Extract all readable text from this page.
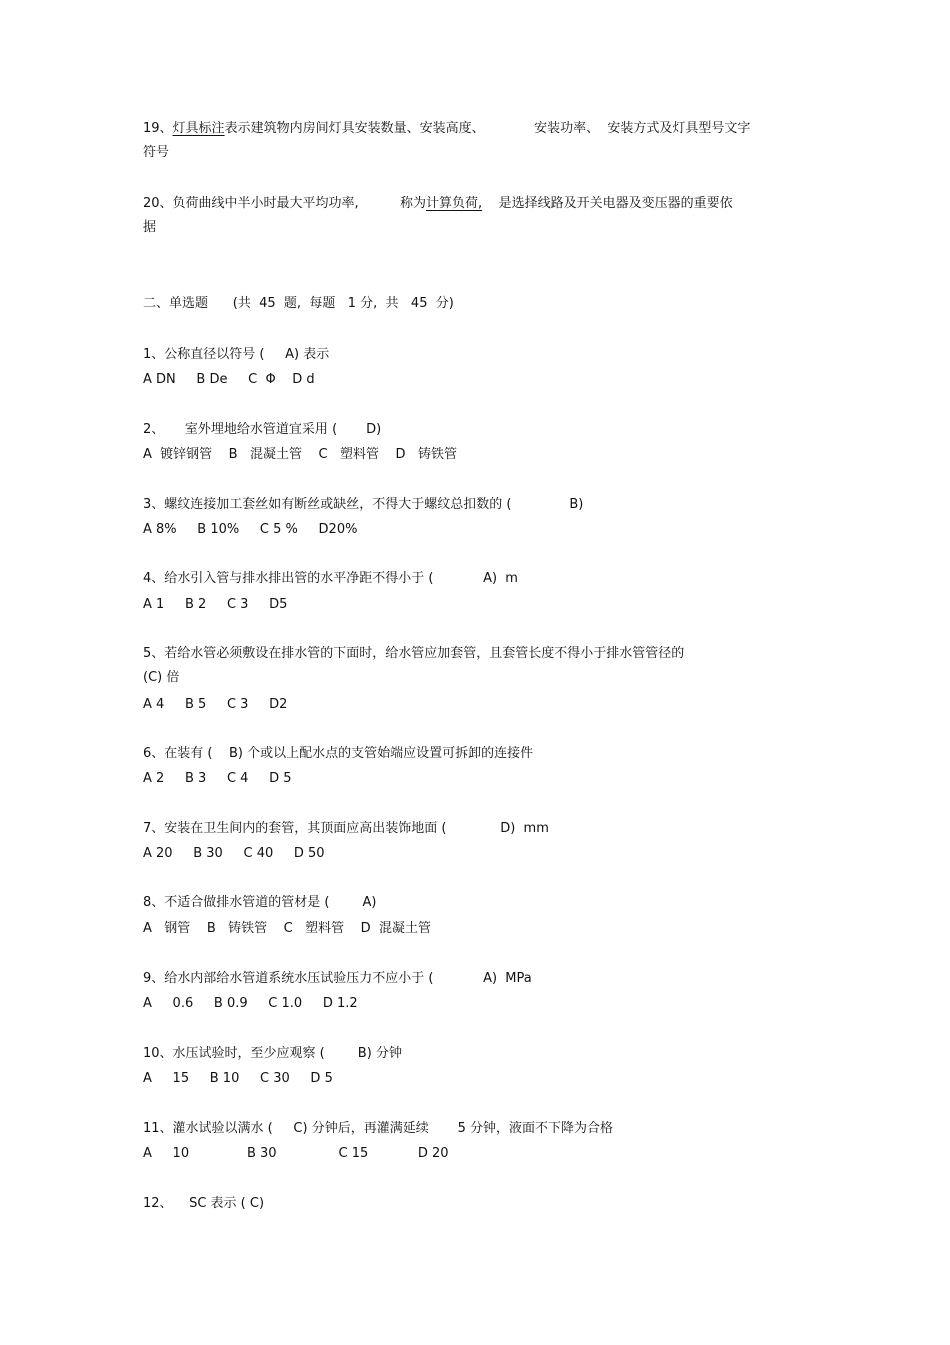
19、灯具标注表示建筑物内房间灯具安装数量、安装高度、            安装功率、  安装方式及灯具型号文字
符号
20、负荷曲线中半小时最大平均功率,          称为计算负荷,    是选择线路及开关电器及变压器的重要依
据
二、单选题      (共  45  题,  每题   1 分,  共   45  分)
1、公称直径以符号 (     A) 表示
A DN     B De     C  Φ    D d
2、     室外埋地给水管道宜采用 (       D)
A  镀锌钢管    B   混凝土管    C   塑料管    D   铸铁管
3、螺纹连接加工套丝如有断丝或缺丝，不得大于螺纹总扣数的 (              B)
A 8%     B 10%     C 5 %     D20%
4、给水引入管与排水排出管的水平净距不得小于 (            A)  m
A 1     B 2     C 3     D5
5、若给水管必须敷设在排水管的下面时，给水管应加套管，且套管长度不得小于排水管管径的
(C) 倍
A 4     B 5     C 3     D2
6、在装有 (    B) 个或以上配水点的支管始端应设置可拆卸的连接件
A 2     B 3     C 4     D 5
7、安装在卫生间内的套管，其顶面应高出装饰地面 (             D)  mm
A 20     B 30     C 40     D 50
8、不适合做排水管道的管材是 (        A)
A   钢管    B   铸铁管    C   塑料管    D  混凝土管
9、给水内部给水管道系统水压试验压力不应小于 (            A)  MPa
A     0.6     B 0.9     C 1.0     D 1.2
10、水压试验时，至少应观察 (        B) 分钟
A     15     B 10     C 30     D 5
11、灌水试验以满水 (     C) 分钟后，再灌满延续       5 分钟，液面不下降为合格
A     10              B 30               C 15            D 20
12、    SC 表示 ( C)
